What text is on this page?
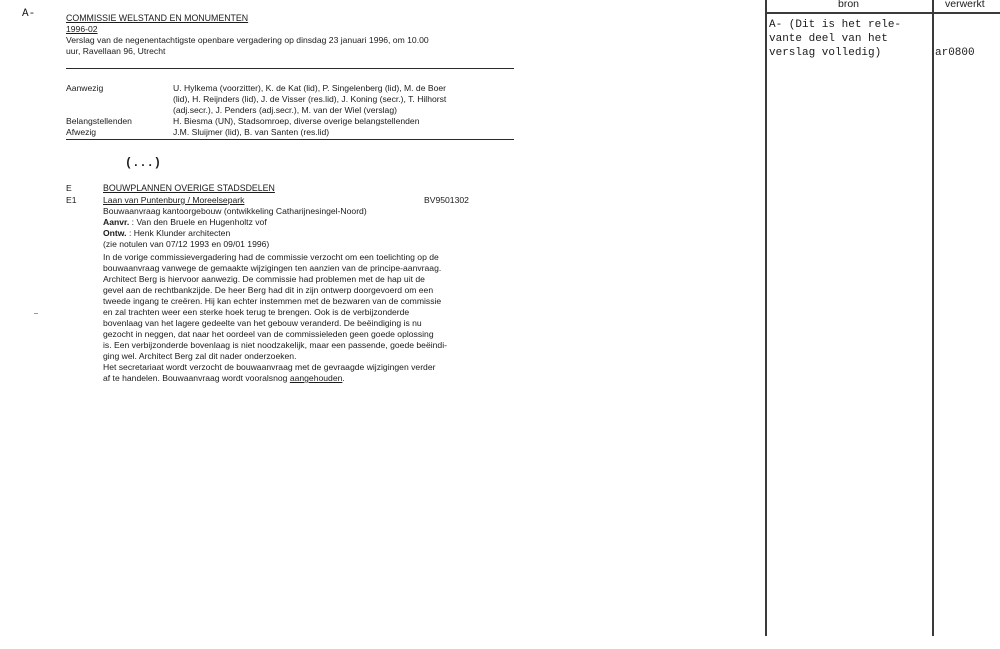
A-	COMMISSIE WELSTAND EN MONUMENTEN
1996-02
Verslag van de negenentachtigste openbare vergadering op dinsdag 23 januari 1996, om 10.00
uur, Ravellaan 96, Utrecht
Aanwezig	U. Hylkema (voorzitter), K. de Kat (lid), P. Singelenberg (lid), M. de Boer
(lid), H. Reijnders (lid), J. de Visser (res.lid), J. Koning (secr.), T. Hilhorst
(adj.secr.), J. Penders (adj.secr.), M. van der Wiel (verslag)
Belangstellenden	H. Biesma (UN), Stadsomroep, diverse overige belangstellenden
Afwezig	J.M. Sluijmer (lid), B. van Santen (res.lid)
(...)
E	BOUWPLANNEN OVERIGE STADSDELEN
E1	Laan van Puntenburg / Moreelsepark	BV9501302
Bouwaanvraag kantoorgebouw (ontwikkeling Catharijnesingel-Noord)
Aanvr. : Van den Bruele en Hugenholtz vof
Ontw. : Henk Klunder architecten
(zie notulen van 07/12 1993 en 09/01 1996)
In de vorige commissievergadering had de commissie verzocht om een toelichting op de
bouwaanvraag vanwege de gemaakte wijzigingen ten aanzien van de principe-aanvraag.
Architect Berg is hiervoor aanwezig. De commissie had problemen met de hap uit de
gevel aan de rechtbankzijde. De heer Berg had dit in zijn ontwerp doorgevoerd om een
tweede ingang te creëren. Hij kan echter instemmen met de bezwaren van de commissie
en zal trachten weer een sterke hoek terug te brengen. Ook is de verbijzonderde
bovenlaag van het lagere gedeelte van het gebouw veranderd. De beëindiging is nu
gezocht in neggen, dat naar het oordeel van de commissieleden geen goede oplossing
is. Een verbijzonderde bovenlaag is niet noodzakelijk, maar een passende, goede beëindi-
ging wel. Architect Berg zal dit nader onderzoeken.
Het secretariaat wordt verzocht de bouwaanvraag met de gevraagde wijzigingen verder
af te handelen. Bouwaanvraag wordt vooralsnog aangehouden.
bron	verwerkt
A- (Dit is het rele-
vante deel van het
verslag volledig)	ar0800
